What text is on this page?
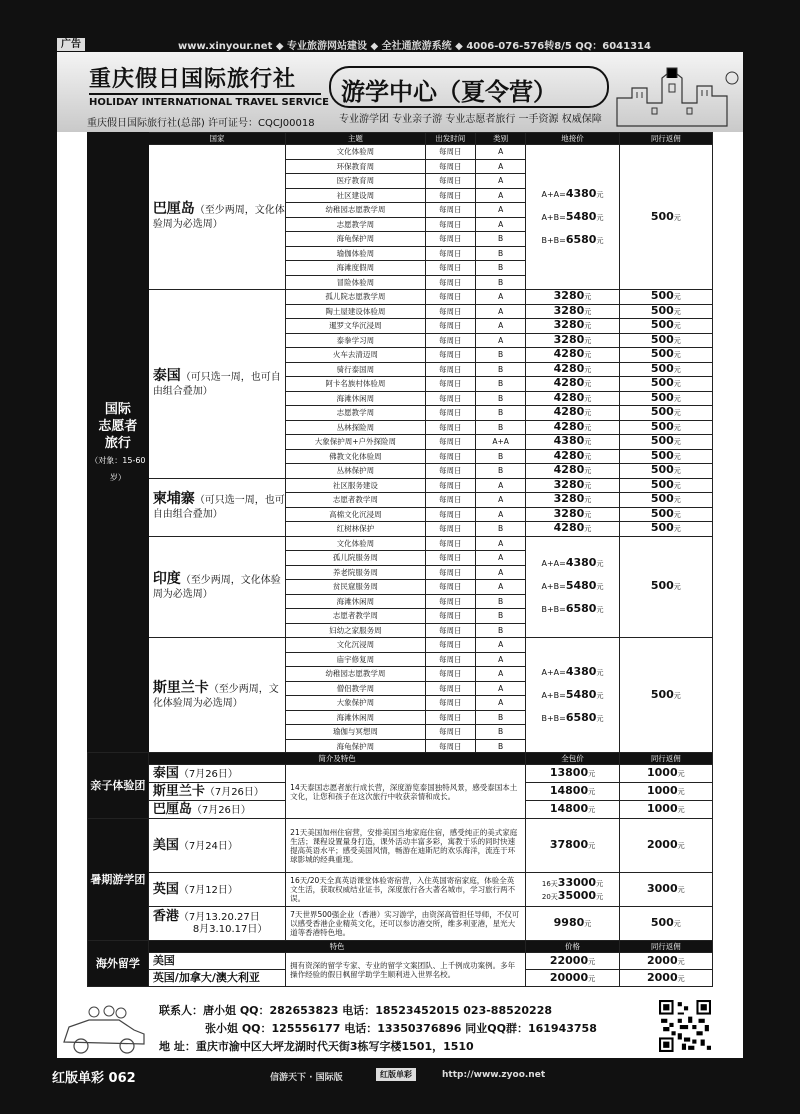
广告	www.xinyour.net ◆ 专业旅游网站建设 ◆ 全社通旅游系统 ◆ 4006-076-576转8/5 QQ：6041314
重庆假日国际旅行社
HOLIDAY INTERNATIONAL TRAVEL SERVICE
重庆假日国际旅行社(总部) 许可证号：CQCJ00018
游学中心（夏令营）
专业游学团 专业亲子游 专业志愿者旅行 一手资源 权威保障
国际
志愿者
旅行
（对象：15-60岁）	国家	主题	出发时间	类别	地接价	同行返佣
	巴厘岛（至少两周，文化体验周为必选周）	文化体验周	每周日	A	A+A=4380元
A+B=5480元
B+B=6580元	500元
		环保教育周	每周日	A		
		医疗教育周	每周日	A		
		社区建设周	每周日	A		
		幼稚园志愿教学周	每周日	A		
		志愿教学周	每周日	A		
		海龟保护周	每周日	B		
		瑜伽体验周	每周日	B		
		海滩度假周	每周日	B		
		冒险体验周	每周日	B		
	泰国（可只选一周，也可自由组合叠加）	孤儿院志愿教学周	每周日	A	3280元	500元
		陶土屋建设体验周	每周日	A	3280元	500元
		暹罗文华沉浸周	每周日	A	3280元	500元
		泰拳学习周	每周日	A	3280元	500元
		火车去清迈周	每周日	B	4280元	500元
		骑行泰国周	每周日	B	4280元	500元
		阿卡名族村体验周	每周日	B	4280元	500元
		海滩休闲周	每周日	B	4280元	500元
		志愿教学周	每周日	B	4280元	500元
		丛林探险周	每周日	B	4280元	500元
		大象保护周+户外探险周	每周日	A+A	4380元	500元
		佛教文化体验周	每周日	B	4280元	500元
		丛林保护周	每周日	B	4280元	500元
	柬埔寨（可只选一周，也可自由组合叠加）	社区服务建设	每周日	A	3280元	500元
		志愿者教学周	每周日	A	3280元	500元
		高棉文化沉浸周	每周日	A	3280元	500元
		红树林保护	每周日	B	4280元	500元
	印度（至少两周，文化体验周为必选周）	文化体验周	每周日	A	A+A=4380元
A+B=5480元
B+B=6580元	500元
		孤儿院服务周	每周日	A		
		养老院服务周	每周日	A		
		贫民窟服务周	每周日	A		
		海滩休闲周	每周日	B		
		志愿者教学周	每周日	B		
		妇幼之家服务周	每周日	B		
	斯里兰卡（至少两周，文化体验周为必选周）	文化沉浸周	每周日	A	A+A=4380元
A+B=5480元
B+B=6580元	500元
		庙宇修复周	每周日	A		
		幼稚园志愿教学周	每周日	A		
		僧侣教学周	每周日	A		
		大象保护周	每周日	A		
		海滩休闲周	每周日	B		
		瑜伽与冥想周	每周日	B		
		海龟保护周	每周日	B		
亲子体验团	简介及特色		全包价	同行返佣
	泰国（7月26日）	14天泰国志愿者旅行成长营，深度游览泰国独特风景，感受泰国本土文化，让您和孩子在这次旅行中收获亲情和成长。	13800元	1000元
	斯里兰卡（7月26日）		14800元	1000元
	巴厘岛（7月26日）		14800元	1000元
暑期游学团	美国（7月24日）	21天美国加州住宿营，安排美国当地家庭住宿，感受纯正的美式家庭生活；课程设置量身打造，课外活动丰富多彩，寓教于乐的同时快速提高英语水平；感受美国风情，畅游在迪斯尼的欢乐海洋，流连于环球影城的经典重现。	37800元	2000元
	英国（7月12日）	16天/20天全真英语课堂体验寄宿营，入住英国寄宿家庭，体验全英文生活，获取权威结业证书，深度旅行各大著名城市，学习旅行两不误。	16天33000元
20天35000元	3000元
	香港（7月13.20.27日
8月3.10.17日）	7天世界500强企业（香港）实习游学，由资深高管担任导师，不仅可以感受香港企业精英文化，还可以参访港交所，维多利亚港，星光大道等香港特色地。	9980元	500元
海外留学	特色		价格	同行返佣
	美国	拥有资深的留学专家、专业的留学文案团队、上千例成功案例。多年操作经验的假日枫留学助学生顺利进入世界名校。	22000元	2000元
	英国/加拿大/澳大利亚		20000元	2000元
联系人：唐小姐 QQ：282653823 电话：18523452015 023-88520228
张小姐 QQ：125556177 电话：13350376896 同业QQ群：161943758
地 址：重庆市渝中区大坪龙湖时代天街3栋写字楼1501，1510
红版单彩 062	信游天下 · 国际版	红版单彩	http://www.zyoo.net
